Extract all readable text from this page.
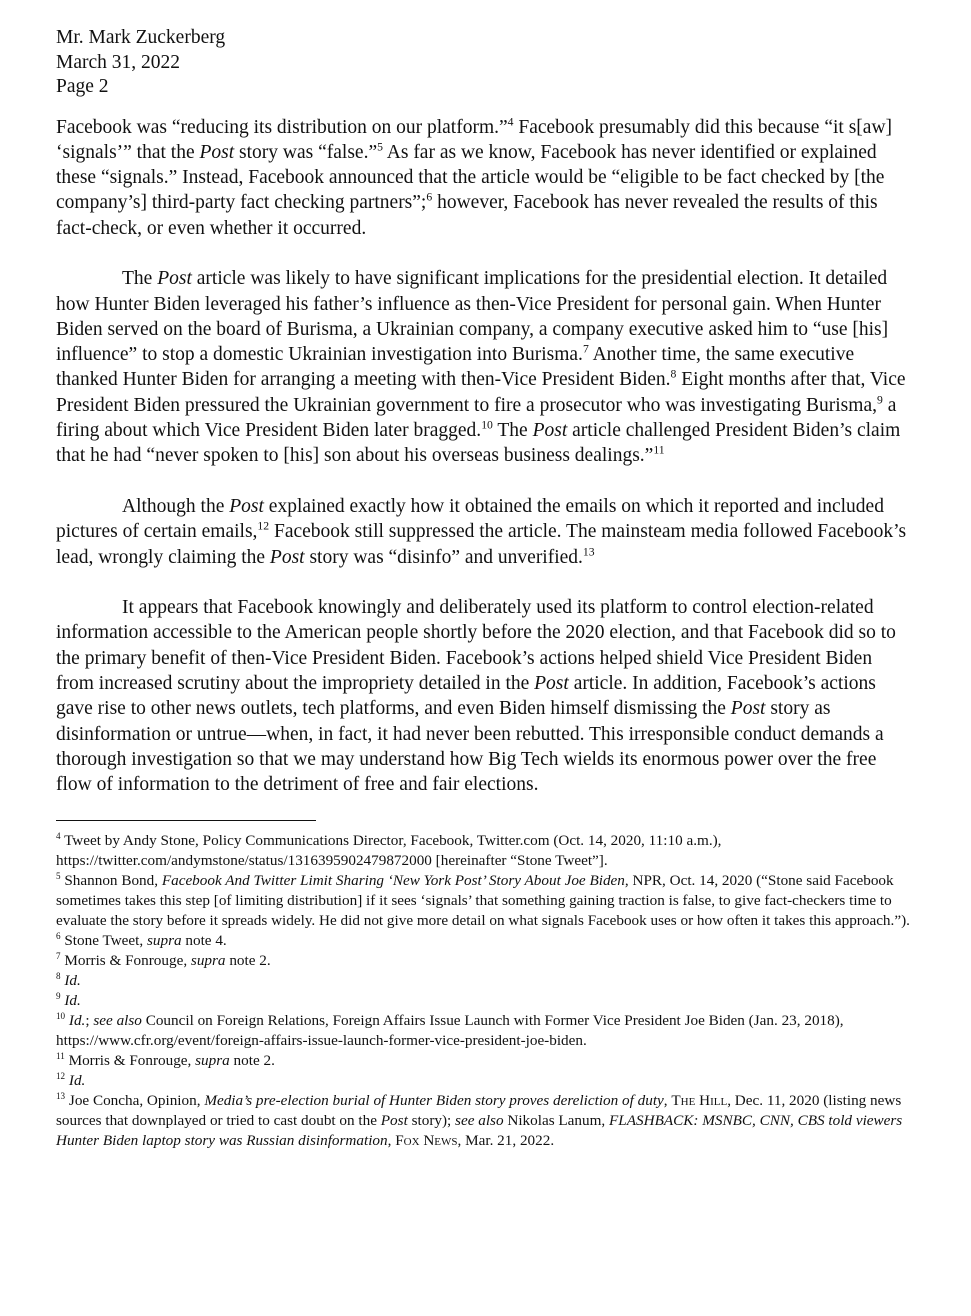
Mr. Mark Zuckerberg
March 31, 2022
Page 2

Facebook was “reducing its distribution on our platform.”$^4$ Facebook presumably did this because “it s[aw] ‘signals’” that the Post story was “false.”$^5$ As far as we know, Facebook has never identified or explained these “signals.” Instead, Facebook announced that the article would be “eligible to be fact checked by [the company’s] third-party fact checking partners”;$^6$ however, Facebook has never revealed the results of this fact-check, or even whether it occurred.

The Post article was likely to have significant implications for the presidential election. It detailed how Hunter Biden leveraged his father’s influence as then-Vice President for personal gain. When Hunter Biden served on the board of Burisma, a Ukrainian company, a company executive asked him to “use [his] influence” to stop a domestic Ukrainian investigation into Burisma.$^7$ Another time, the same executive thanked Hunter Biden for arranging a meeting with then-Vice President Biden.$^8$ Eight months after that, Vice President Biden pressured the Ukrainian government to fire a prosecutor who was investigating Burisma,$^9$ a firing about which Vice President Biden later bragged.$^{10}$ The Post article challenged President Biden’s claim that he had “never spoken to [his] son about his overseas business dealings.”$^{11}$

Although the Post explained exactly how it obtained the emails on which it reported and included pictures of certain emails,$^{12}$ Facebook still suppressed the article. The mainsteam media followed Facebook’s lead, wrongly claiming the Post story was “disinfo” and unverified.$^{13}$

It appears that Facebook knowingly and deliberately used its platform to control election-related information accessible to the American people shortly before the 2020 election, and that Facebook did so to the primary benefit of then-Vice President Biden. Facebook’s actions helped shield Vice President Biden from increased scrutiny about the impropriety detailed in the Post article. In addition, Facebook’s actions gave rise to other news outlets, tech platforms, and even Biden himself dismissing the Post story as disinformation or untrue—when, in fact, it had never been rebutted. This irresponsible conduct demands a thorough investigation so that we may understand how Big Tech wields its enormous power over the free flow of information to the detriment of free and fair elections.

$^4$ Tweet by Andy Stone, Policy Communications Director, Facebook, Twitter.com (Oct. 14, 2020, 11:10 a.m.), https://twitter.com/andymstone/status/1316395902479872000 [hereinafter “Stone Tweet”].

$^5$ Shannon Bond, Facebook And Twitter Limit Sharing ‘New York Post’ Story About Joe Biden, NPR, Oct. 14, 2020 (“Stone said Facebook sometimes takes this step [of limiting distribution] if it sees ‘signals’ that something gaining traction is false, to give fact-checkers time to evaluate the story before it spreads widely. He did not give more detail on what signals Facebook uses or how often it takes this approach.”).

$^6$ Stone Tweet, supra note 4.

$^7$ Morris & Fonrouge, supra note 2.

$^8$ Id.

$^9$ Id.

$^{10}$ Id.; see also Council on Foreign Relations, Foreign Affairs Issue Launch with Former Vice President Joe Biden (Jan. 23, 2018), https://www.cfr.org/event/foreign-affairs-issue-launch-former-vice-president-joe-biden.

$^{11}$ Morris & Fonrouge, supra note 2.

$^{12}$ Id.

$^{13}$ Joe Concha, Opinion, Media’s pre-election burial of Hunter Biden story proves dereliction of duty, The Hill, Dec. 11, 2020 (listing news sources that downplayed or tried to cast doubt on the Post story); see also Nikolas Lanum, FLASHBACK: MSNBC, CNN, CBS told viewers Hunter Biden laptop story was Russian disinformation, Fox News, Mar. 21, 2022.
